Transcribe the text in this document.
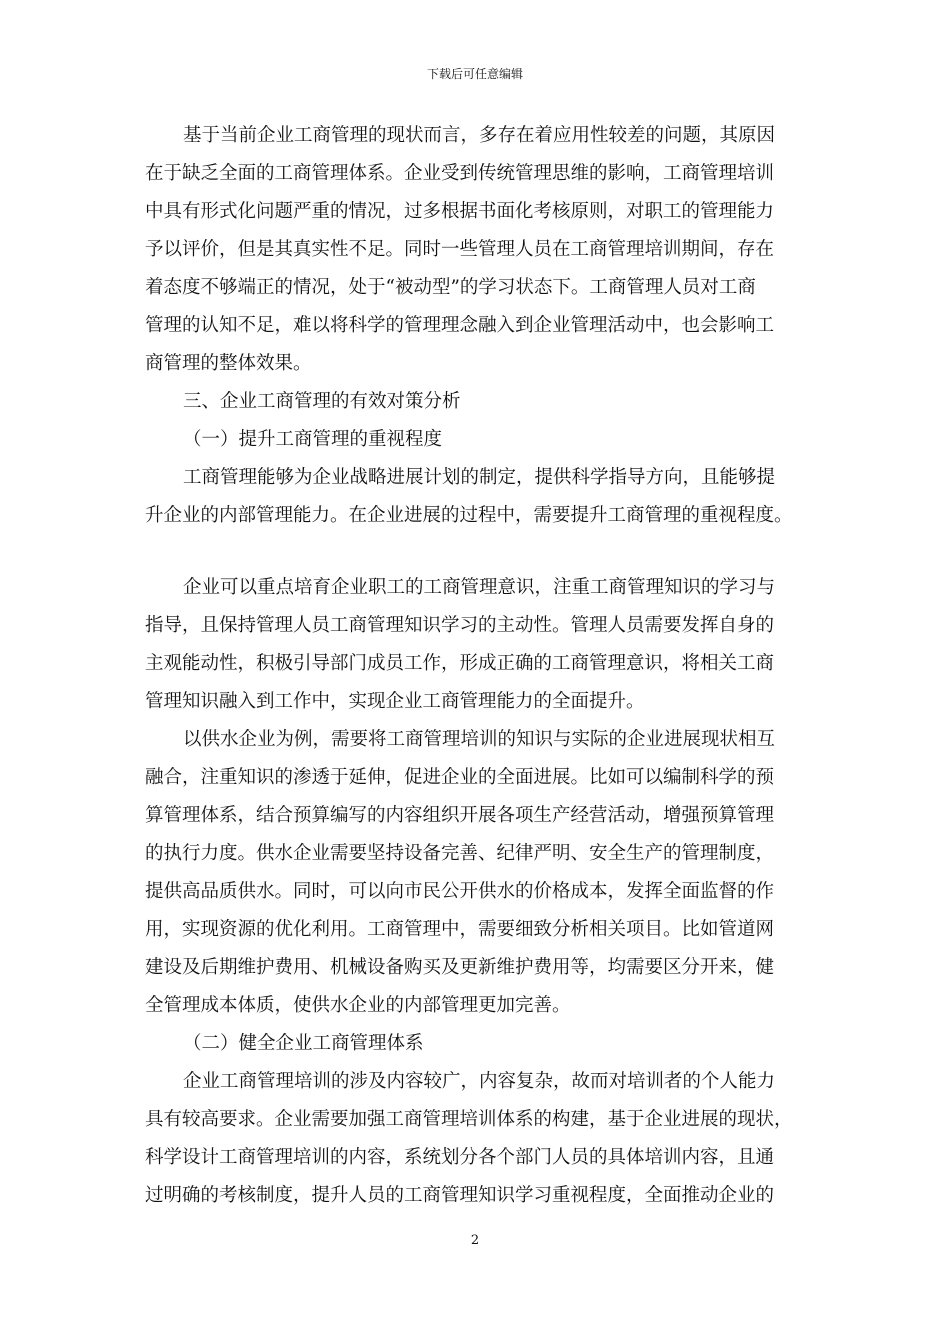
下载后可任意编辑
基于当前企业工商管理的现状而言，多存在着应用性较差的问题，其原因
在于缺乏全面的工商管理体系。企业受到传统管理思维的影响，工商管理培训
中具有形式化问题严重的情况，过多根据书面化考核原则，对职工的管理能力
予以评价，但是其真实性不足。同时一些管理人员在工商管理培训期间，存在
着态度不够端正的情况，处于“被动型”的学习状态下。工商管理人员对工商
管理的认知不足，难以将科学的管理理念融入到企业管理活动中，也会影响工
商管理的整体效果。
三、企业工商管理的有效对策分析
（一）提升工商管理的重视程度
工商管理能够为企业战略进展计划的制定，提供科学指导方向，且能够提
升企业的内部管理能力。在企业进展的过程中，需要提升工商管理的重视程度。
企业可以重点培育企业职工的工商管理意识，注重工商管理知识的学习与
指导，且保持管理人员工商管理知识学习的主动性。管理人员需要发挥自身的
主观能动性，积极引导部门成员工作，形成正确的工商管理意识，将相关工商
管理知识融入到工作中，实现企业工商管理能力的全面提升。
以供水企业为例，需要将工商管理培训的知识与实际的企业进展现状相互
融合，注重知识的渗透于延伸，促进企业的全面进展。比如可以编制科学的预
算管理体系，结合预算编写的内容组织开展各项生产经营活动，增强预算管理
的执行力度。供水企业需要坚持设备完善、纪律严明、安全生产的管理制度，
提供高品质供水。同时，可以向市民公开供水的价格成本，发挥全面监督的作
用，实现资源的优化利用。工商管理中，需要细致分析相关项目。比如管道网
建设及后期维护费用、机械设备购买及更新维护费用等，均需要区分开来，健
全管理成本体质，使供水企业的内部管理更加完善。
（二）健全企业工商管理体系
企业工商管理培训的涉及内容较广，内容复杂，故而对培训者的个人能力
具有较高要求。企业需要加强工商管理培训体系的构建，基于企业进展的现状，
科学设计工商管理培训的内容，系统划分各个部门人员的具体培训内容，且通
过明确的考核制度，提升人员的工商管理知识学习重视程度，全面推动企业的
2
